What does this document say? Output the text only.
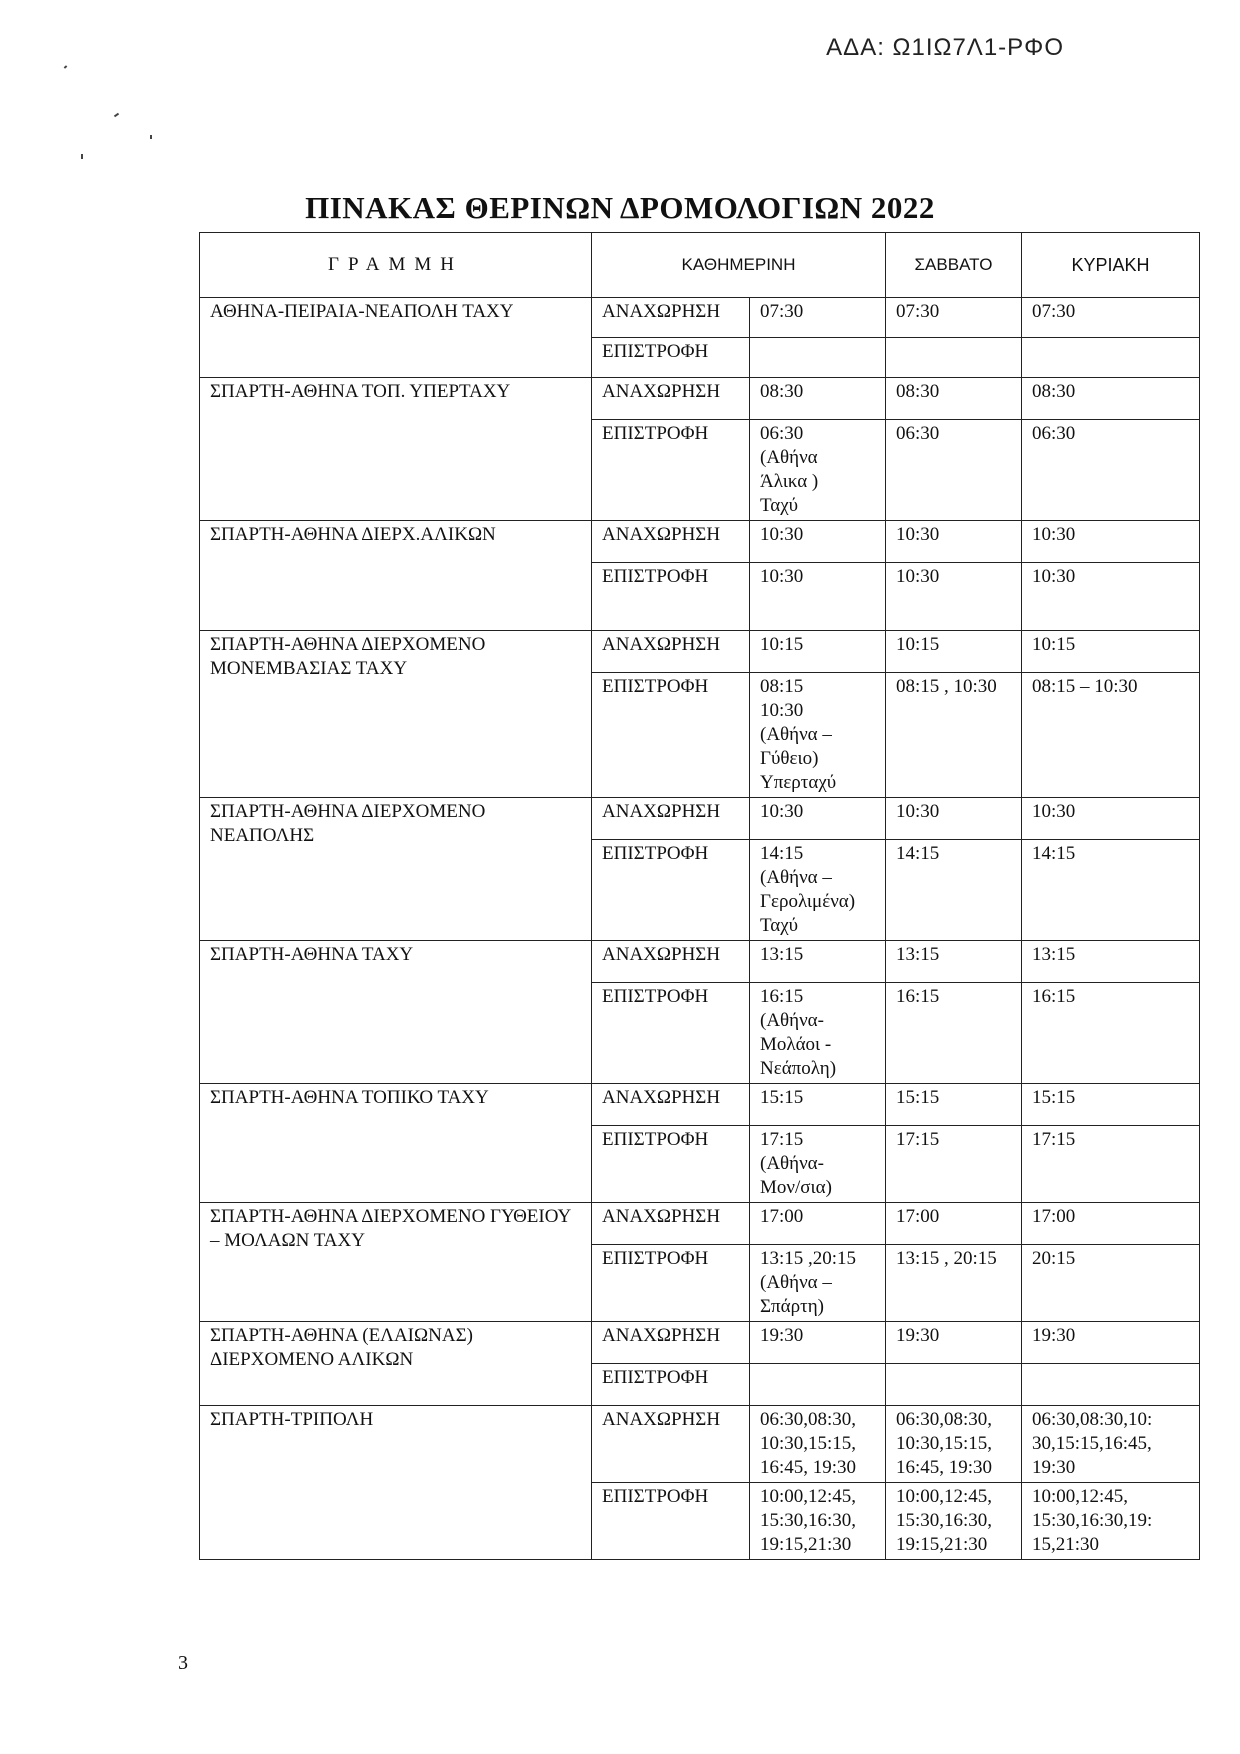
ΑΔΑ: Ω1ΙΩ7Λ1-ΡΦΟ
ΠΙΝΑΚΑΣ ΘΕΡΙΝΩΝ ΔΡΟΜΟΛΟΓΙΩΝ 2022
ΓΡΑΜΜΗ	ΚΑΘΗΜΕΡΙΝΗ		ΣΑΒΒΑΤΟ	ΚΥΡΙΑΚΗ
ΑΘΗΝΑ-ΠΕΙΡΑΙΑ-ΝΕΑΠΟΛΗ ΤΑΧΥ	ΑΝΑΧΩΡΗΣΗ	07:30	07:30	07:30
	ΕΠΙΣΤΡΟΦΗ			
ΣΠΑΡΤΗ-ΑΘΗΝΑ ΤΟΠ. ΥΠΕΡΤΑΧΥ	ΑΝΑΧΩΡΗΣΗ	08:30	08:30	08:30
	ΕΠΙΣΤΡΟΦΗ	06:30
(Αθήνα
Άλικα )
Ταχύ	06:30	06:30
ΣΠΑΡΤΗ-ΑΘΗΝΑ ΔΙΕΡΧ.ΑΛΙΚΩΝ	ΑΝΑΧΩΡΗΣΗ	10:30	10:30	10:30
	ΕΠΙΣΤΡΟΦΗ	10:30	10:30	10:30
ΣΠΑΡΤΗ-ΑΘΗΝΑ ΔΙΕΡΧΟΜΕΝΟ ΜΟΝΕΜΒΑΣΙΑΣ ΤΑΧΥ	ΑΝΑΧΩΡΗΣΗ	10:15	10:15	10:15
	ΕΠΙΣΤΡΟΦΗ	08:15
10:30
(Αθήνα –
Γύθειο)
Υπερταχύ	08:15 , 10:30	08:15 – 10:30
ΣΠΑΡΤΗ-ΑΘΗΝΑ ΔΙΕΡΧΟΜΕΝΟ ΝΕΑΠΟΛΗΣ	ΑΝΑΧΩΡΗΣΗ	10:30	10:30	10:30
	ΕΠΙΣΤΡΟΦΗ	14:15
(Αθήνα –
Γερολιμένα)
Ταχύ	14:15	14:15
ΣΠΑΡΤΗ-ΑΘΗΝΑ ΤΑΧΥ	ΑΝΑΧΩΡΗΣΗ	13:15	13:15	13:15
	ΕΠΙΣΤΡΟΦΗ	16:15
(Αθήνα-
Μολάοι -
Νεάπολη)	16:15	16:15
ΣΠΑΡΤΗ-ΑΘΗΝΑ ΤΟΠΙΚΟ ΤΑΧΥ	ΑΝΑΧΩΡΗΣΗ	15:15	15:15	15:15
	ΕΠΙΣΤΡΟΦΗ	17:15
(Αθήνα-
Μον/σια)	17:15	17:15
ΣΠΑΡΤΗ-ΑΘΗΝΑ ΔΙΕΡΧΟΜΕΝΟ ΓΥΘΕΙΟΥ – ΜΟΛΑΩΝ ΤΑΧΥ	ΑΝΑΧΩΡΗΣΗ	17:00	17:00	17:00
	ΕΠΙΣΤΡΟΦΗ	13:15 ,20:15
(Αθήνα –
Σπάρτη)	13:15 , 20:15	20:15
ΣΠΑΡΤΗ-ΑΘΗΝΑ (ΕΛΑΙΩΝΑΣ) ΔΙΕΡΧΟΜΕΝΟ ΑΛΙΚΩΝ	ΑΝΑΧΩΡΗΣΗ	19:30	19:30	19:30
	ΕΠΙΣΤΡΟΦΗ			
ΣΠΑΡΤΗ-ΤΡΙΠΟΛΗ	ΑΝΑΧΩΡΗΣΗ	06:30,08:30,
10:30,15:15,
16:45, 19:30	06:30,08:30,
10:30,15:15,
16:45, 19:30	06:30,08:30,10:
30,15:15,16:45,
19:30
	ΕΠΙΣΤΡΟΦΗ	10:00,12:45,
15:30,16:30,
19:15,21:30	10:00,12:45,
15:30,16:30,
19:15,21:30	10:00,12:45,
15:30,16:30,19:
15,21:30
3
